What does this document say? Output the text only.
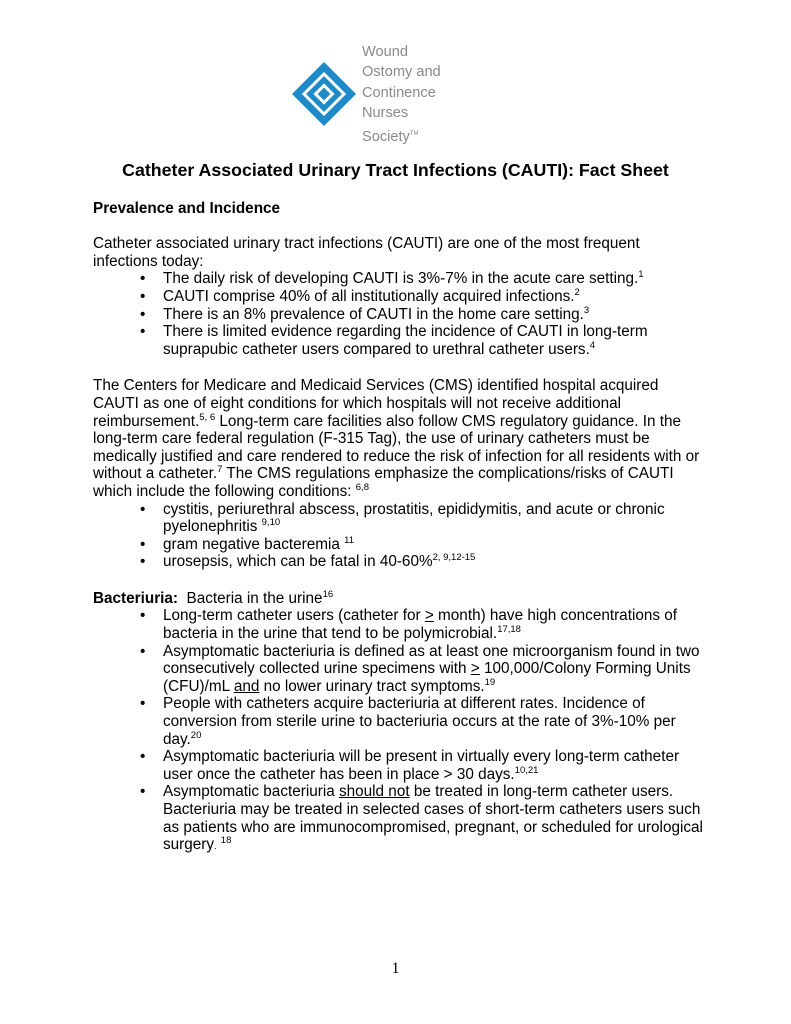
Wound
Ostomy and
Continence
Nurses
Society™
Catheter Associated Urinary Tract Infections (CAUTI): Fact Sheet
Prevalence and Incidence

Catheter associated urinary tract infections (CAUTI) are one of the most frequent infections today:

• The daily risk of developing CAUTI is 3%-7% in the acute care setting.$^1$
• CAUTI comprise 40% of all institutionally acquired infections.$^2$
• There is an 8% prevalence of CAUTI in the home care setting.$^3$
• There is limited evidence regarding the incidence of CAUTI in long-term suprapubic catheter users compared to urethral catheter users.$^4$

The Centers for Medicare and Medicaid Services (CMS) identified hospital acquired CAUTI as one of eight conditions for which hospitals will not receive additional reimbursement.$^{5, 6}$ Long-term care facilities also follow CMS regulatory guidance. In the long-term care federal regulation (F-315 Tag), the use of urinary catheters must be medically justified and care rendered to reduce the risk of infection for all residents with or without a catheter.$^7$ The CMS regulations emphasize the complications/risks of CAUTI which include the following conditions: $^{6,8}$

• cystitis, periurethral abscess, prostatitis, epididymitis, and acute or chronic pyelonephritis $^{9,10}$
• gram negative bacteremia $^{11}$
• urosepsis, which can be fatal in 40-60%$^{2, 9,12-15}$

Bacteriuria: Bacteria in the urine$^{16}$

• Long-term catheter users (catheter for > month) have high concentrations of bacteria in the urine that tend to be polymicrobial.$^{17,18}$
• Asymptomatic bacteriuria is defined as at least one microorganism found in two consecutively collected urine specimens with ≥ 100,000/Colony Forming Units (CFU)/mL and no lower urinary tract symptoms.$^{19}$
• People with catheters acquire bacteriuria at different rates. Incidence of conversion from sterile urine to bacteriuria occurs at the rate of 3%-10% per day.$^{20}$
• Asymptomatic bacteriuria will be present in virtually every long-term catheter user once the catheter has been in place > 30 days.$^{10,21}$
• Asymptomatic bacteriuria should not be treated in long-term catheter users. Bacteriuria may be treated in selected cases of short-term catheters users such as patients who are immunocompromised, pregnant, or scheduled for urological surgery. $^{18}$
1
